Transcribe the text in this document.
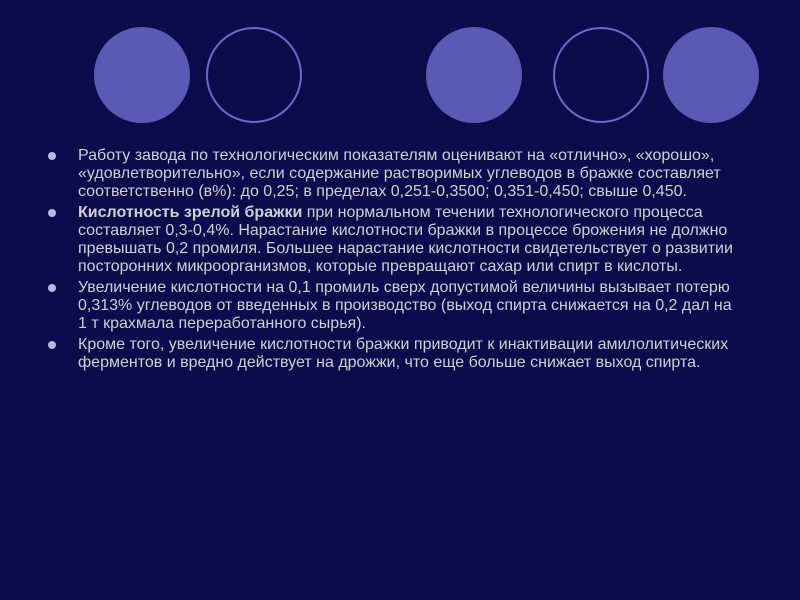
Работу завода по технологическим показателям оценивают на «отлично», «хорошо», «удовлетворительно», если содержание растворимых углеводов в бражке составляет соответственно (в%): до 0,25; в пределах 0,251-0,3500; 0,351-0,450; свыше 0,450.
Кислотность зрелой бражки при нормальном течении технологического процесса составляет 0,3-0,4%. Нарастание кислотности бражки в процессе брожения не должно превышать 0,2 промиля. Большее нарастание кислотности свидетельствует о развитии посторонних микроорганизмов, которые превращают сахар или спирт в кислоты.
Увеличение кислотности на 0,1 промиль сверх допустимой величины вызывает потерю 0,313% углеводов от введенных в производство (выход спирта снижается на 0,2 дал на 1 т крахмала переработанного сырья).
Кроме того, увеличение кислотности бражки приводит к инактивации амилолитических ферментов и вредно действует на дрожжи, что еще больше снижает выход спирта.
